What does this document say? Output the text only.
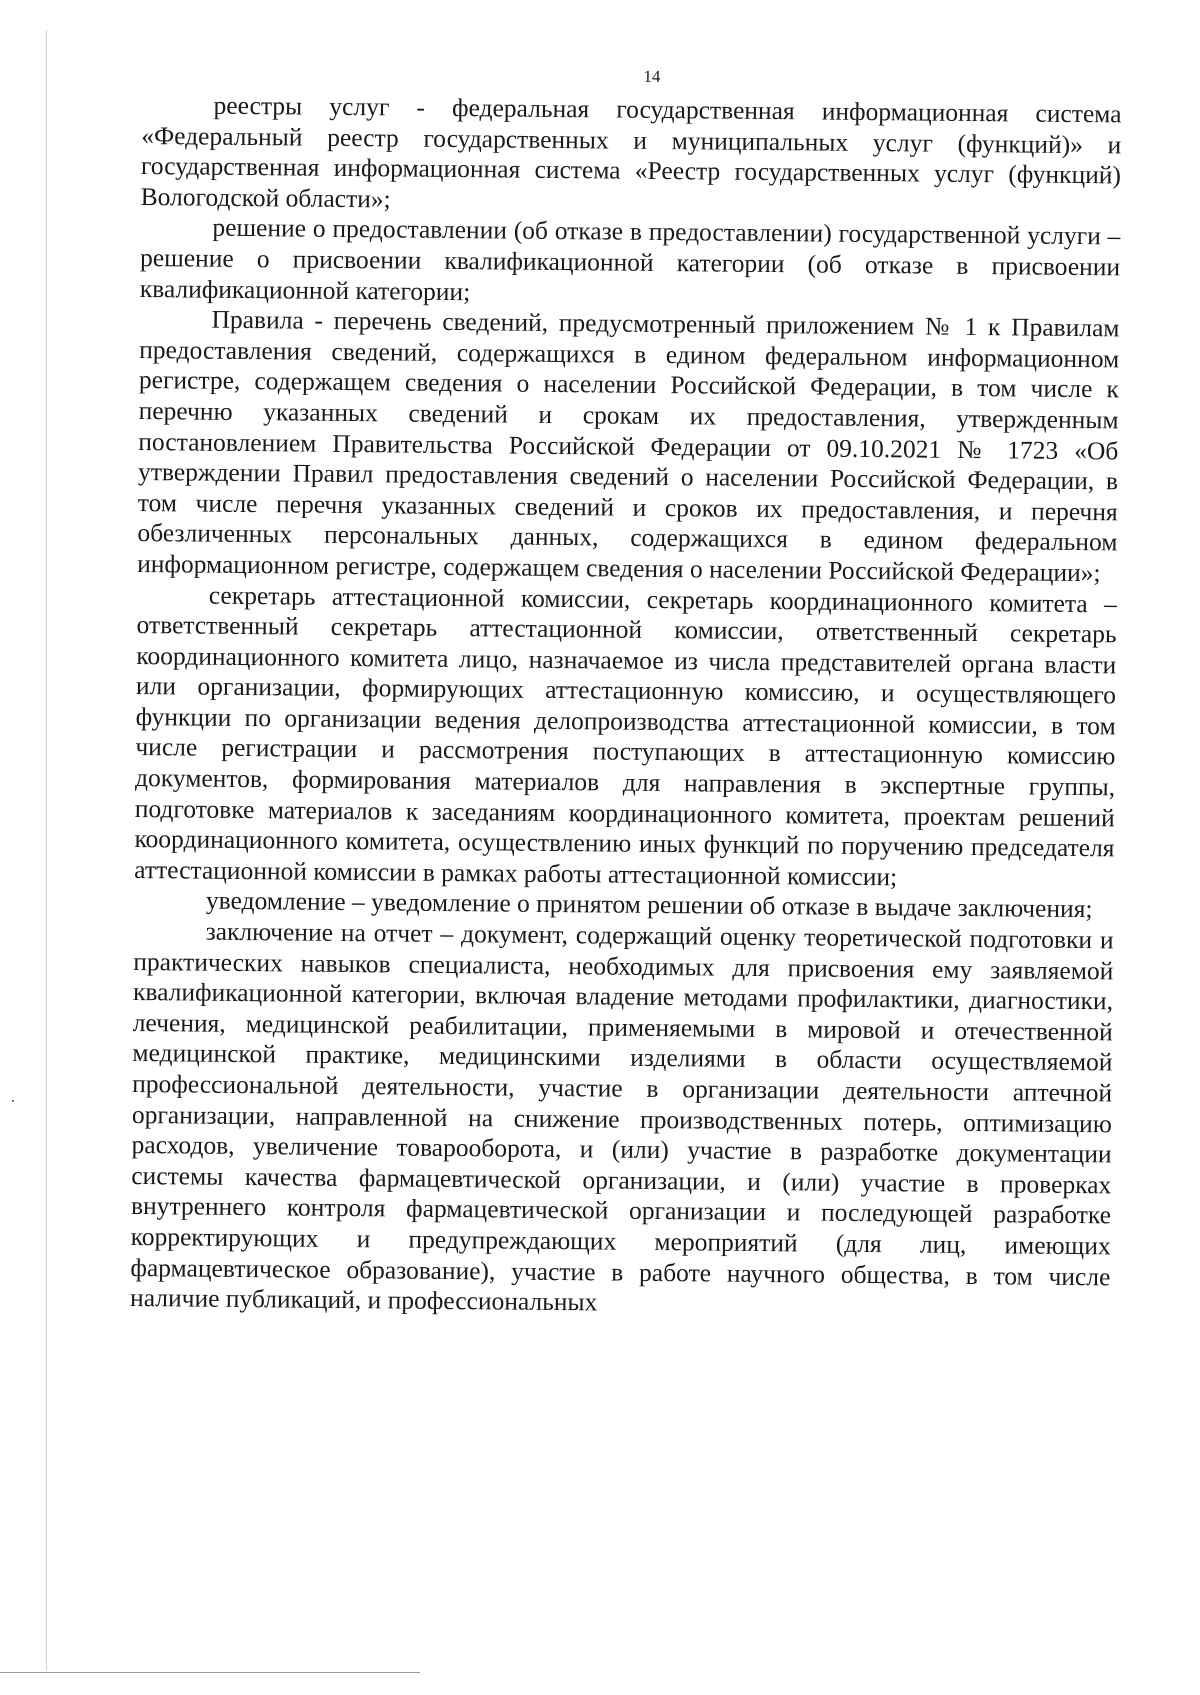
14

реестры услуг - федеральная государственная информационная система «Федеральный реестр государственных и муниципальных услуг (функций)» и государственная информационная система «Реестр государственных услуг (функций) Вологодской области»;

решение о предоставлении (об отказе в предоставлении) государственной услуги – решение о присвоении квалификационной категории (об отказе в присвоении квалификационной категории;

Правила - перечень сведений, предусмотренный приложением № 1 к Правилам предоставления сведений, содержащихся в едином федеральном информационном регистре, содержащем сведения о населении Российской Федерации, в том числе к перечню указанных сведений и срокам их предоставления, утвержденным постановлением Правительства Российской Федерации от 09.10.2021 № 1723 «Об утверждении Правил предоставления сведений о населении Российской Федерации, в том числе перечня указанных сведений и сроков их предоставления, и перечня обезличенных персональных данных, содержащихся в едином федеральном информационном регистре, содержащем сведения о населении Российской Федерации»;

секретарь аттестационной комиссии, секретарь координационного комитета – ответственный секретарь аттестационной комиссии, ответственный секретарь координационного комитета лицо, назначаемое из числа представителей органа власти или организации, формирующих аттестационную комиссию, и осуществляющего функции по организации ведения делопроизводства аттестационной комиссии, в том числе регистрации и рассмотрения поступающих в аттестационную комиссию документов, формирования материалов для направления в экспертные группы, подготовке материалов к заседаниям координационного комитета, проектам решений координационного комитета, осуществлению иных функций по поручению председателя аттестационной комиссии в рамках работы аттестационной комиссии;

уведомление – уведомление о принятом решении об отказе в выдаче заключения;

заключение на отчет – документ, содержащий оценку теоретической подготовки и практических навыков специалиста, необходимых для присвоения ему заявляемой квалификационной категории, включая владение методами профилактики, диагностики, лечения, медицинской реабилитации, применяемыми в мировой и отечественной медицинской практике, медицинскими изделиями в области осуществляемой профессиональной деятельности, участие в организации деятельности аптечной организации, направленной на снижение производственных потерь, оптимизацию расходов, увеличение товарооборота, и (или) участие в разработке документации системы качества фармацевтической организации, и (или) участие в проверках внутреннего контроля фармацевтической организации и последующей разработке корректирующих и предупреждающих мероприятий (для лиц, имеющих фармацевтическое образование), участие в работе научного общества, в том числе наличие публикаций, и профессиональных
